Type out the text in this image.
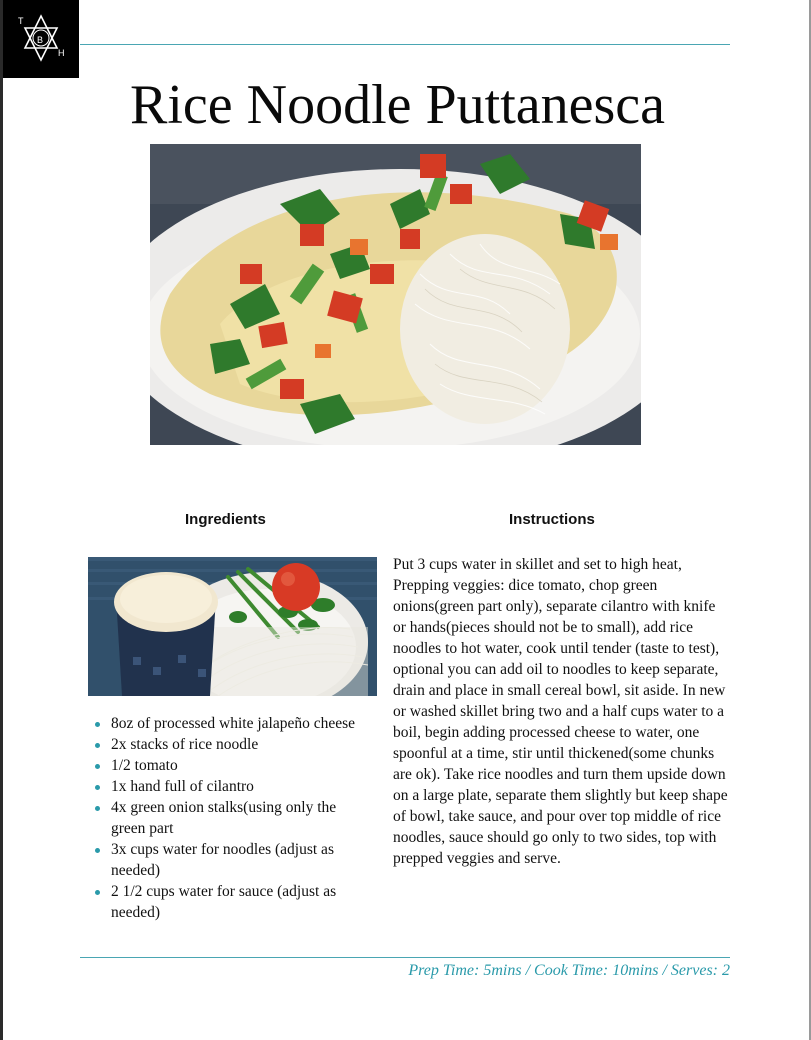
T
B
H
Rice Noodle Puttanesca
Ingredients	Instructions
8oz of processed white jalapeño cheese
2x stacks of rice noodle
1/2 tomato
1x hand full of cilantro
4x green onion stalks(using only the green part
3x cups water for noodles (adjust as needed)
2 1/2 cups water for sauce (adjust as needed)
Put 3 cups water in skillet and set to high heat, Prepping veggies: dice tomato, chop green onions(green part only), separate cilantro with knife or hands(pieces should not be to small), add rice noodles to hot water, cook until tender (taste to test), optional you can add oil to noodles to keep separate, drain and place in small cereal bowl, sit aside. In new or washed skillet bring two and a half cups water to a boil, begin adding processed cheese to water, one spoonful at a time, stir until thickened(some chunks are ok). Take rice noodles and turn them upside down on a large plate, separate them slightly but keep shape of bowl, take sauce, and pour over top middle of rice noodles, sauce should go only to two sides, top with prepped veggies and serve.
Prep Time: 5mins / Cook Time: 10mins / Serves: 2
